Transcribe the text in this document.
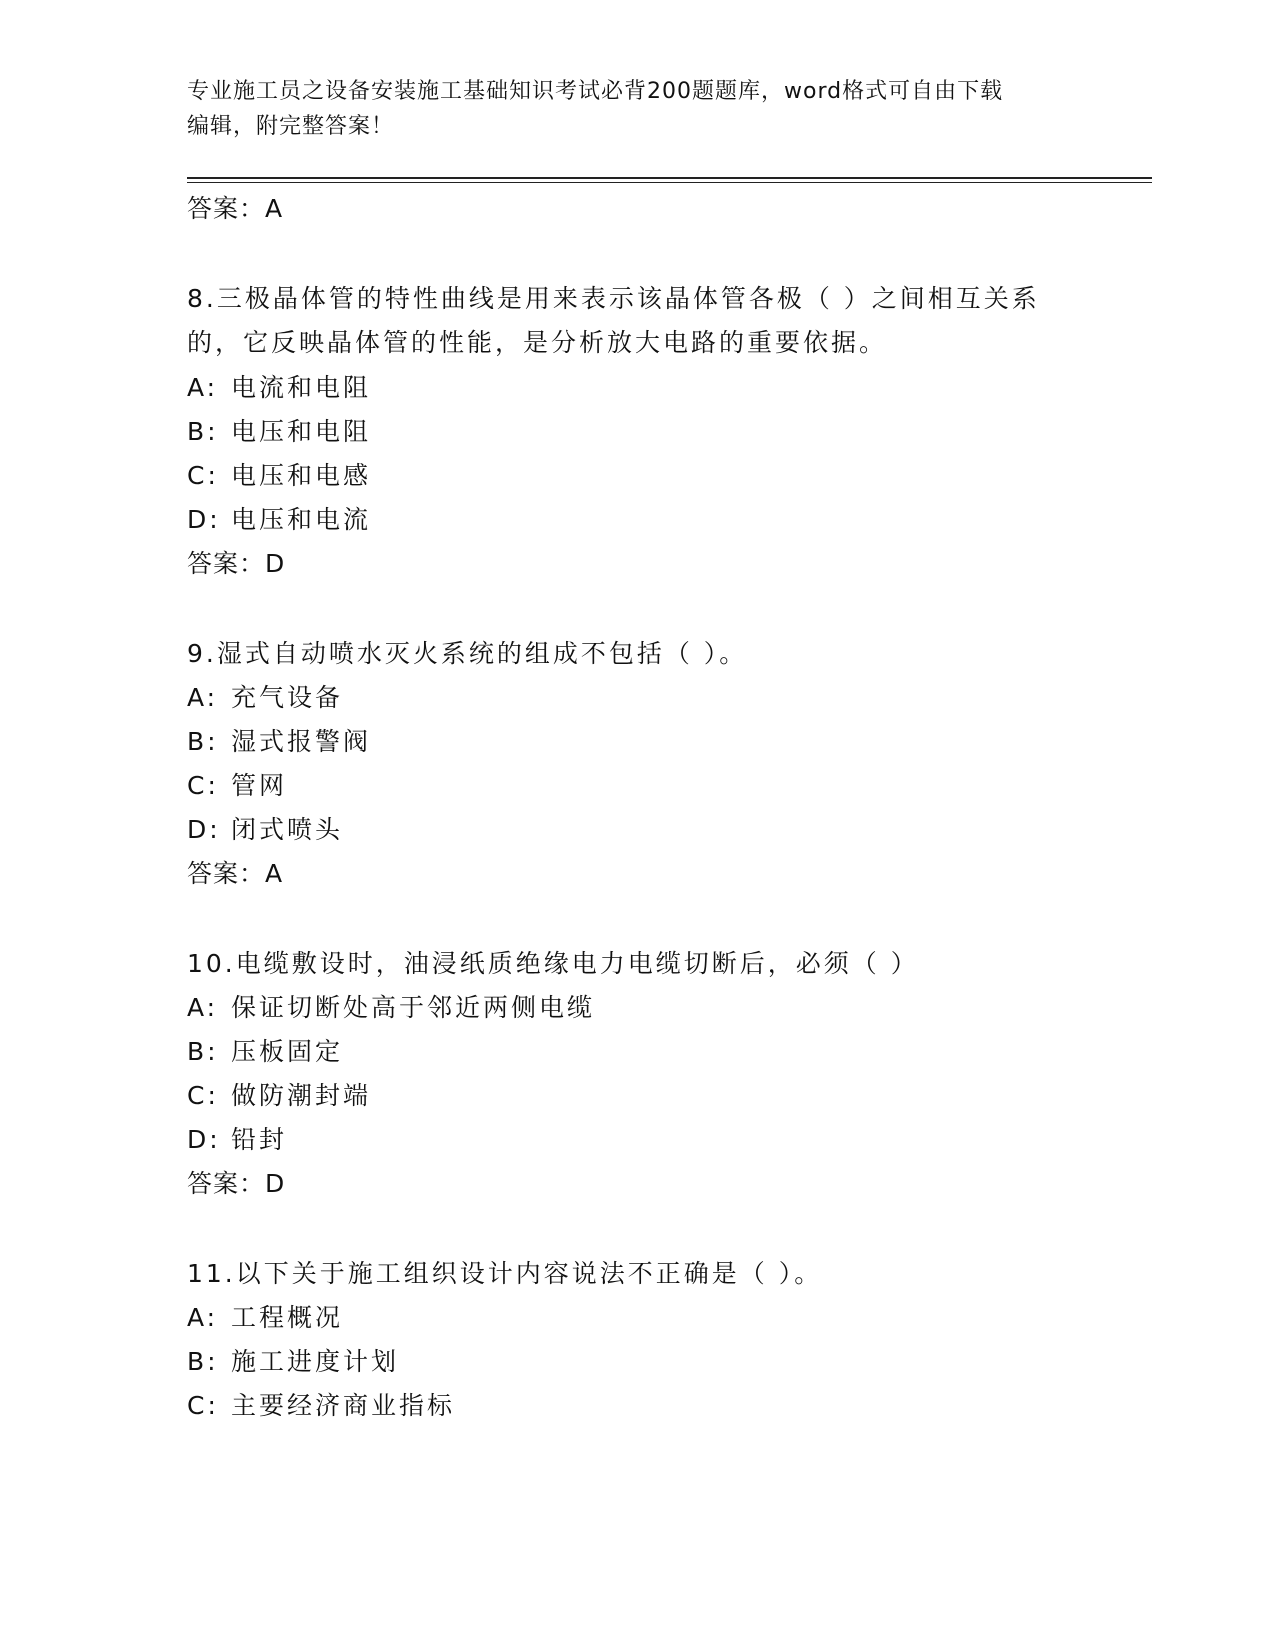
专业施工员之设备安装施工基础知识考试必背200题题库，word格式可自由下载
编辑，附完整答案！
答案：A
8.三极晶体管的特性曲线是用来表示该晶体管各极（ ）之间相互关系
的，它反映晶体管的性能，是分析放大电路的重要依据。
A: 电流和电阻
B: 电压和电阻
C: 电压和电感
D: 电压和电流
答案：D
9.湿式自动喷水灭火系统的组成不包括（ ）。
A: 充气设备
B: 湿式报警阀
C: 管网
D: 闭式喷头
答案：A
10.电缆敷设时，油浸纸质绝缘电力电缆切断后，必须（ ）
A: 保证切断处高于邻近两侧电缆
B: 压板固定
C: 做防潮封端
D: 铅封
答案：D
11.以下关于施工组织设计内容说法不正确是（ ）。
A: 工程概况
B: 施工进度计划
C: 主要经济商业指标
